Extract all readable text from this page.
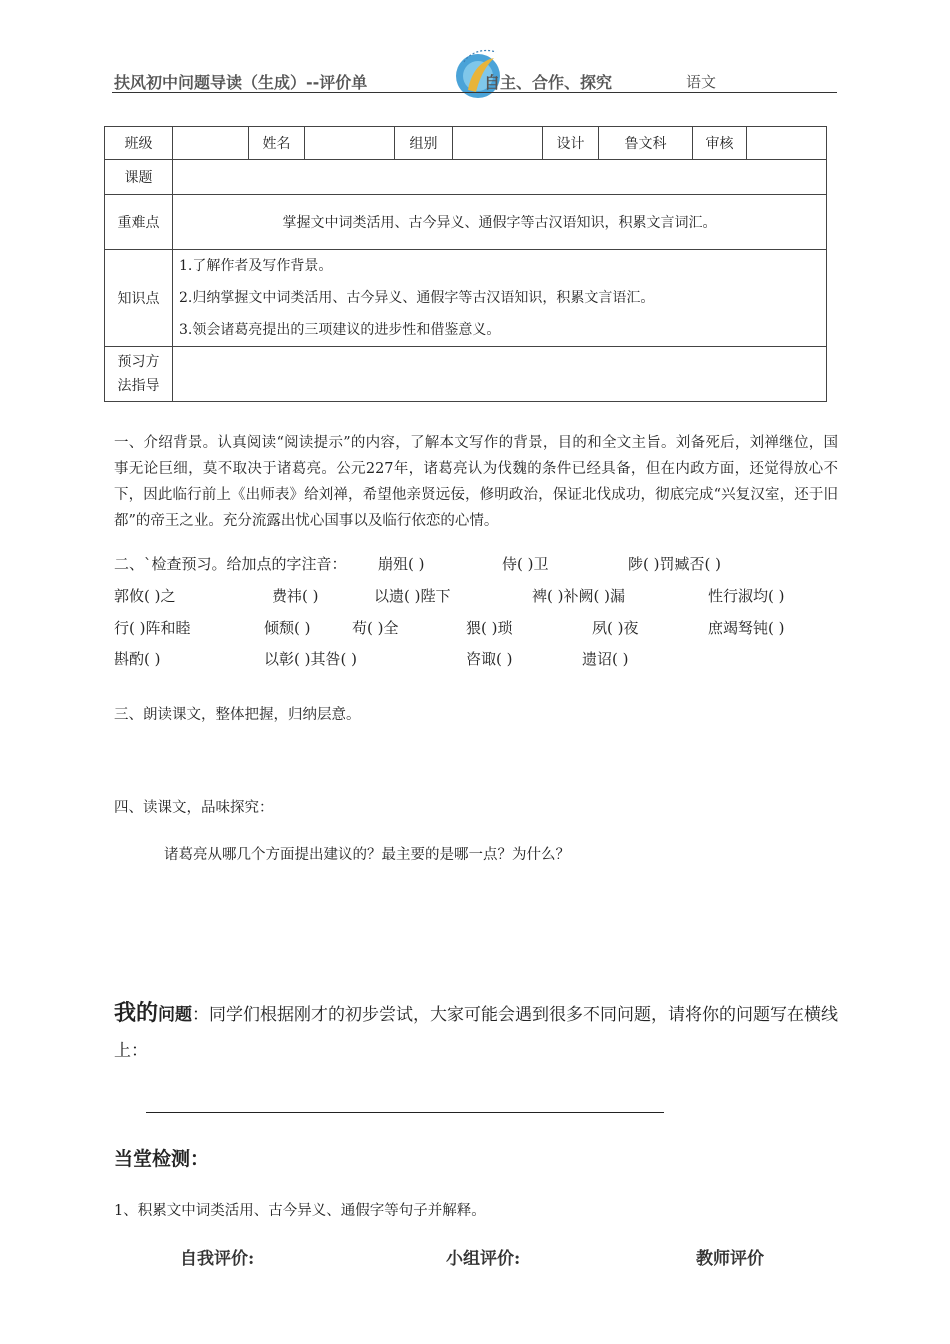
扶风初中问题导读（生成）--评价单	自主、合作、探究	语文
班级		姓名		组别		设计	鲁文科	审核	
课题									
重难点	掌握文中词类活用、古今异义、通假字等古汉语知识，积累文言词汇。								
知识点	1.了解作者及写作背景。
2.归纳掌握文中词类活用、古今异义、通假字等古汉语知识，积累文言语汇。
3.领会诸葛亮提出的三项建议的进步性和借鉴意义。								

预习方
法指导									

一、介绍背景。认真阅读“阅读提示”的内容，了解本文写作的背景，目的和全文主旨。刘备死后，刘禅继位，国事无论巨细，莫不取决于诸葛亮。公元227年，诸葛亮认为伐魏的条件已经具备，但在内政方面，还觉得放心不下，因此临行前上《出师表》给刘禅，希望他亲贤远佞，修明政治，保证北伐成功，彻底完成“兴复汉室，还于旧都”的帝王之业。充分流露出忧心国事以及临行依恋的心情。
二、`检查预习。给加点的字注音： 崩殂( )	侍( )卫	陟( )罚臧否( )
郭攸( )之	费祎( )	以遗( )陛下	裨( )补阙( )漏	性行淑均( )
行( )阵和睦	倾颓( )	苟( )全	猥( )琐	夙( )夜	庶竭驽钝( )
斟酌( )	以彰( )其咎( )	咨诹( )	遗诏( )
三、朗读课文，整体把握，归纳层意。
四、读课文，品味探究：
诸葛亮从哪几个方面提出建议的？最主要的是哪一点？为什么？
我的问题：同学们根据刚才的初步尝试，大家可能会遇到很多不同问题，请将你的问题写在横线上：
当堂检测：
1、积累文中词类活用、古今异义、通假字等句子并解释。
自我评价:	小组评价:	教师评价
